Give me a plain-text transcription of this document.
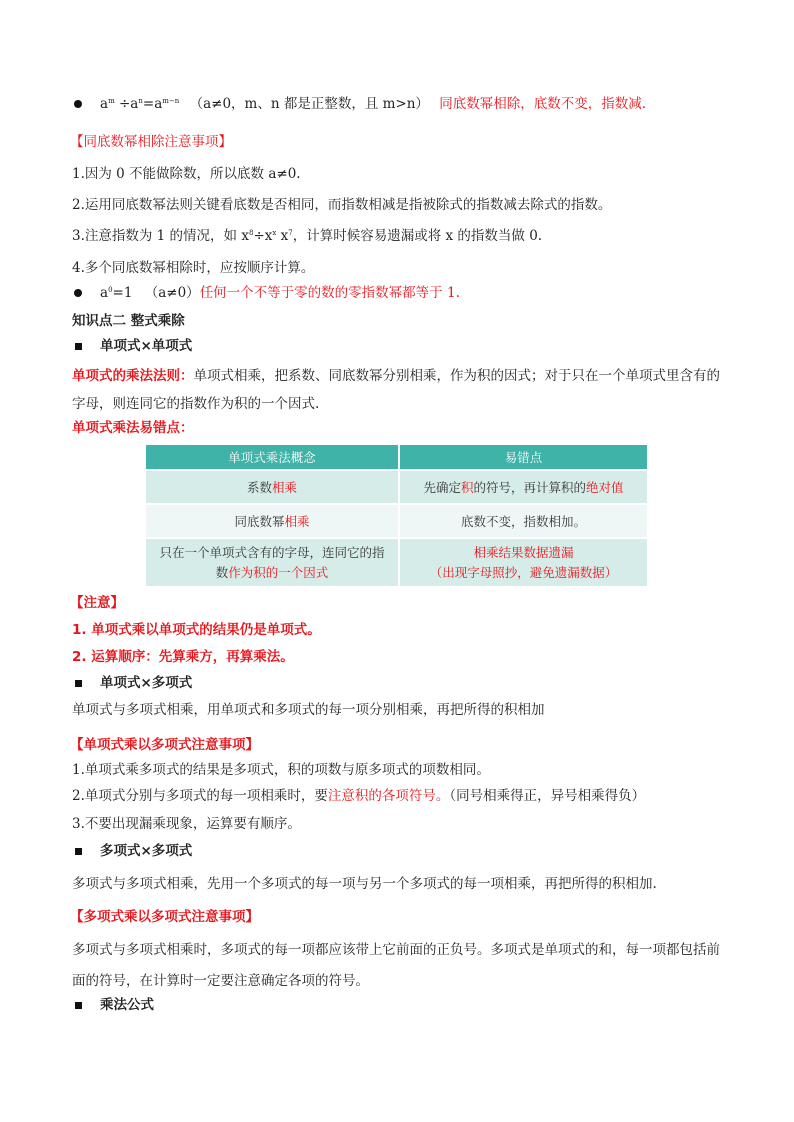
$a^m \div a^n=a^{m-n}$ （a≠0，m、n 都是正整数，且 m>n） 同底数幂相除，底数不变，指数减.
【同底数幂相除注意事项】
1.因为 0 不能做除数，所以底数 a≠0.
2.运用同底数幂法则关键看底数是否相同，而指数相减是指被除式的指数减去除式的指数。
3.注意指数为 1 的情况，如 $x^8\div x^x$ $x^7$，计算时候容易遗漏或将 x 的指数当做 0.
4.多个同底数幂相除时，应按顺序计算。
$a^0=1$ （a≠0）任何一个不等于零的数的零指数幂都等于 1.
知识点二 整式乘除
单项式×单项式
单项式的乘法法则：单项式相乘，把系数、同底数幂分别相乘，作为积的因式；对于只在一个单项式里含有的字母，则连同它的指数作为积的一个因式.
单项式乘法易错点：
单项式乘法概念	易错点
系数相乘	先确定积的符号，再计算积的绝对值
同底数幂相乘	底数不变，指数相加。
只在一个单项式含有的字母，连同它的指
数作为积的一个因式	相乘结果数据遗漏
（出现字母照抄，避免遗漏数据）
【注意】
1. 单项式乘以单项式的结果仍是单项式。
2. 运算顺序：先算乘方，再算乘法。
单项式×多项式
单项式与多项式相乘，用单项式和多项式的每一项分别相乘，再把所得的积相加
【单项式乘以多项式注意事项】
1.单项式乘多项式的结果是多项式，积的项数与原多项式的项数相同。
2.单项式分别与多项式的每一项相乘时，要注意积的各项符号。（同号相乘得正，异号相乘得负）
3.不要出现漏乘现象，运算要有顺序。
多项式×多项式
多项式与多项式相乘，先用一个多项式的每一项与另一个多项式的每一项相乘，再把所得的积相加.
【多项式乘以多项式注意事项】
多项式与多项式相乘时，多项式的每一项都应该带上它前面的正负号。多项式是单项式的和，每一项都包括前面的符号，在计算时一定要注意确定各项的符号。
乘法公式
